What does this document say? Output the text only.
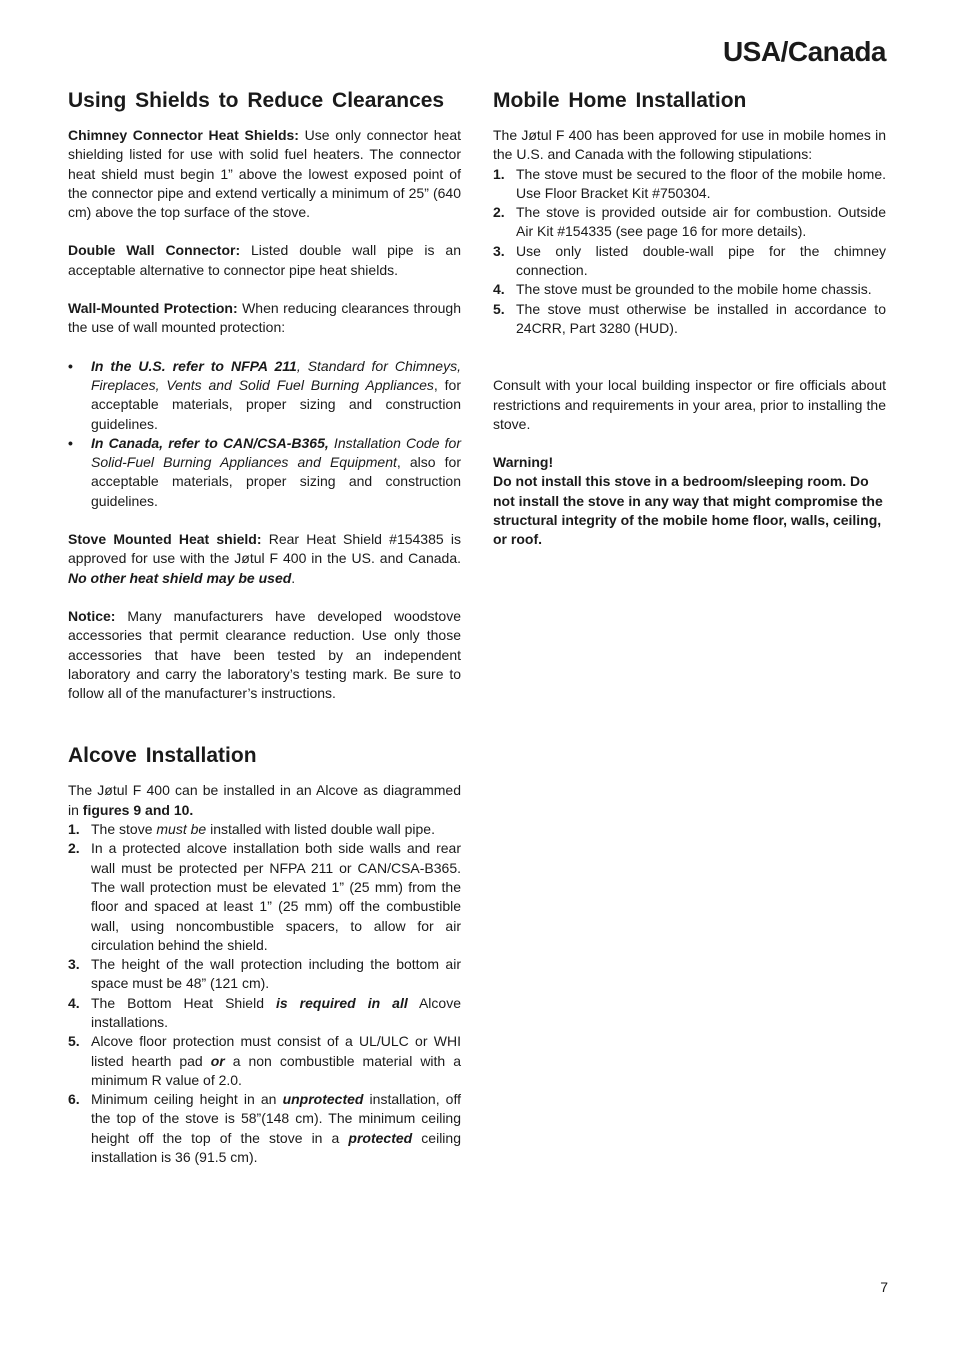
USA/Canada
Using Shields to Reduce Clearances

Chimney Connector Heat Shields: Use only connector heat shielding listed for use with solid fuel heaters. The connector heat shield must begin 1” above the lowest exposed point of the connector pipe and extend vertically a minimum of 25” (640 cm) above the top surface of the stove.

Double Wall Connector: Listed double wall pipe is an acceptable alternative to connector pipe heat shields.

Wall-Mounted Protection: When reducing clearances through the use of wall mounted protection:

• In the U.S. refer to NFPA 211, Standard for Chimneys, Fireplaces, Vents and Solid Fuel Burning Appliances, for acceptable materials, proper sizing and construction guidelines.
• In Canada, refer to CAN/CSA-B365, Installation Code for Solid-Fuel Burning Appliances and Equipment, also for acceptable materials, proper sizing and construction guidelines.

Stove Mounted Heat shield: Rear Heat Shield #154385 is approved for use with the Jøtul F 400 in the US. and Canada. No other heat shield may be used.

Notice: Many manufacturers have developed woodstove accessories that permit clearance reduction. Use only those accessories that have been tested by an independent laboratory and carry the laboratory’s testing mark. Be sure to follow all of the manufacturer’s instructions.

Alcove Installation

The Jøtul F 400 can be installed in an Alcove as diagrammed in figures 9 and 10.

1. The stove must be installed with listed double wall pipe.
2. In a protected alcove installation both side walls and rear wall must be protected per NFPA 211 or CAN/CSA-B365. The wall protection must be elevated 1” (25 mm) from the floor and spaced at least 1” (25 mm) off the combustible wall, using noncombustible spacers, to allow for air circulation behind the shield.
3. The height of the wall protection including the bottom air space must be 48” (121 cm).
4. The Bottom Heat Shield is required in all Alcove installations.
5. Alcove floor protection must consist of a UL/ULC or WHI listed hearth pad or a non combustible material with a minimum R value of 2.0.
6. Minimum ceiling height in an unprotected installation, off the top of the stove is 58”(148 cm). The minimum ceiling height off the top of the stove in a protected ceiling installation is 36 (91.5 cm).
Mobile Home Installation

The Jøtul F 400 has been approved for use in mobile homes in the U.S. and Canada with the following stipulations:

1. The stove must be secured to the floor of the mobile home. Use Floor Bracket Kit #750304.
2. The stove is provided outside air for combustion. Outside Air Kit #154335 (see page 16 for more details).
3. Use only listed double-wall pipe for the chimney connection.
4. The stove must be grounded to the mobile home chassis.
5. The stove must otherwise be installed in accordance to 24CRR, Part 3280 (HUD).

Consult with your local building inspector or fire officials about restrictions and requirements in your area, prior to installing the stove.

Warning!

Do not install this stove in a bedroom/sleeping room. Do not install the stove in any way that might compromise the structural integrity of the mobile home floor, walls, ceiling, or roof.

7
